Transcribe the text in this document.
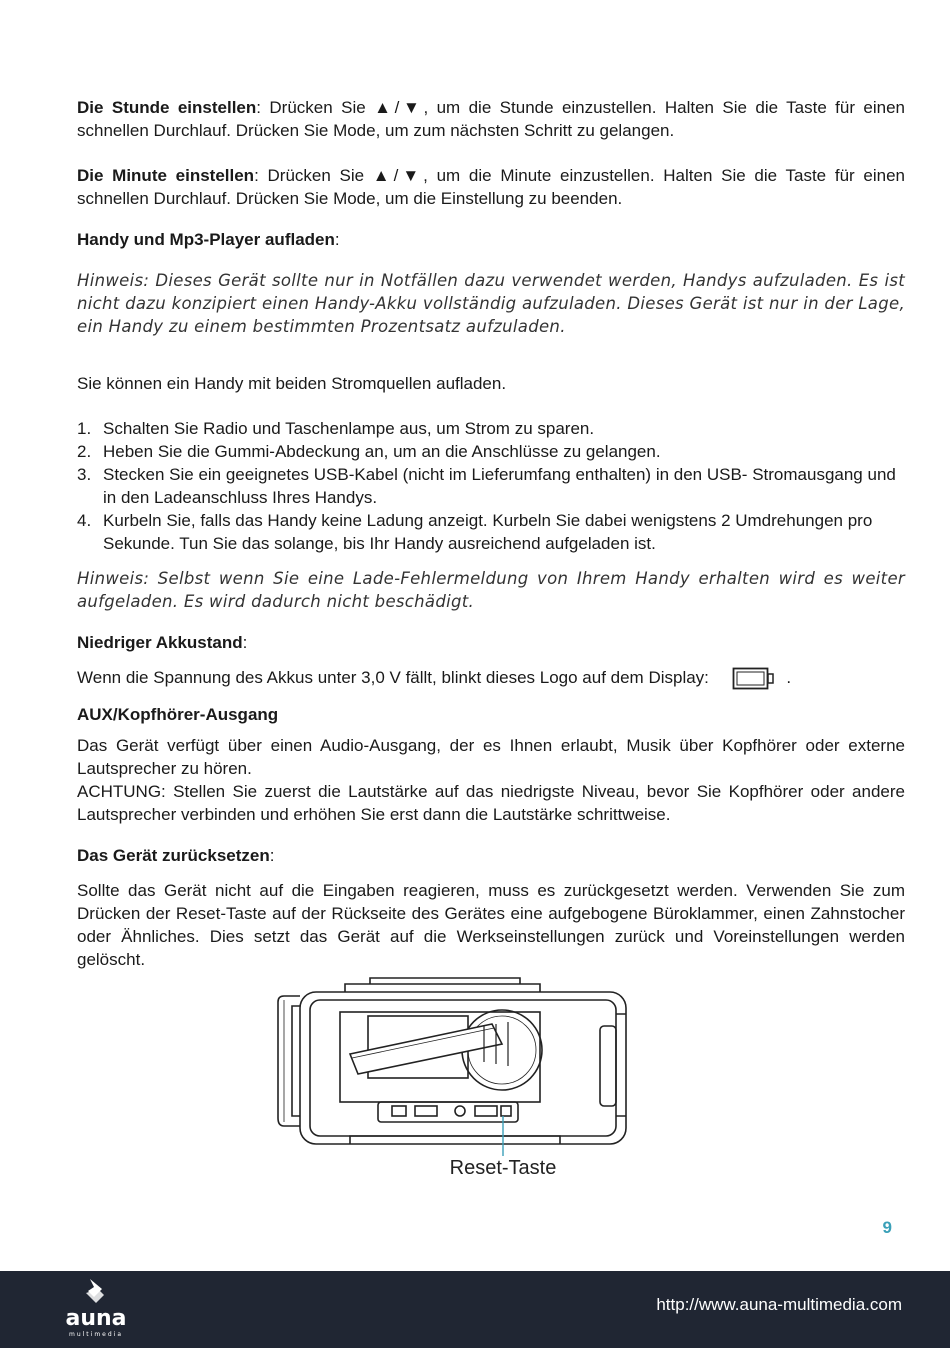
Die Stunde einstellen: Drücken Sie ▲/▼, um die Stunde einzustellen. Halten Sie die Taste für einen schnellen Durchlauf. Drücken Sie Mode, um zum nächsten Schritt zu gelangen.

Die Minute einstellen: Drücken Sie ▲/▼, um die Minute einzustellen. Halten Sie die Taste für einen schnellen Durchlauf. Drücken Sie Mode, um die Einstellung zu beenden.

Handy und Mp3-Player aufladen:

Hinweis: Dieses Gerät sollte nur in Notfällen dazu verwendet werden, Handys aufzuladen. Es ist nicht dazu konzipiert einen Handy-Akku vollständig aufzuladen. Dieses Gerät ist nur in der Lage, ein Handy zu einem bestimmten Prozentsatz aufzuladen.

Sie können ein Handy mit beiden Stromquellen aufladen.

1. Schalten Sie Radio und Taschenlampe aus, um Strom zu sparen.
2. Heben Sie die Gummi-Abdeckung an, um an die Anschlüsse zu gelangen.
3. Stecken Sie ein geeignetes USB-Kabel (nicht im Lieferumfang enthalten) in den USB- Stromausgang und in den Ladeanschluss Ihres Handys.
4. Kurbeln Sie, falls das Handy keine Ladung anzeigt. Kurbeln Sie dabei wenigstens 2 Umdrehungen pro Sekunde. Tun Sie das solange, bis Ihr Handy ausreichend aufgeladen ist.

Hinweis: Selbst wenn Sie eine Lade-Fehlermeldung von Ihrem Handy erhalten wird es weiter aufgeladen. Es wird dadurch nicht beschädigt.

Niedriger Akkustand:

Wenn die Spannung des Akkus unter 3,0 V fällt, blinkt dieses Logo auf dem Display:	.

AUX/Kopfhörer-Ausgang

Das Gerät verfügt über einen Audio-Ausgang, der es Ihnen erlaubt, Musik über Kopfhörer oder externe Lautsprecher zu hören.

ACHTUNG: Stellen Sie zuerst die Lautstärke auf das niedrigste Niveau, bevor Sie Kopfhörer oder andere Lautsprecher verbinden und erhöhen Sie erst dann die Lautstärke schrittweise.

Das Gerät zurücksetzen:

Sollte das Gerät nicht auf die Eingaben reagieren, muss es zurückgesetzt werden. Verwenden Sie zum Drücken der Reset-Taste auf der Rückseite des Gerätes eine aufgebogene Büroklammer, einen Zahnstocher oder Ähnliches. Dies setzt das Gerät auf die Werkseinstellungen zurück und Voreinstellungen werden gelöscht.

Reset-Taste
9
auna
multimedia
http://www.auna-multimedia.com
